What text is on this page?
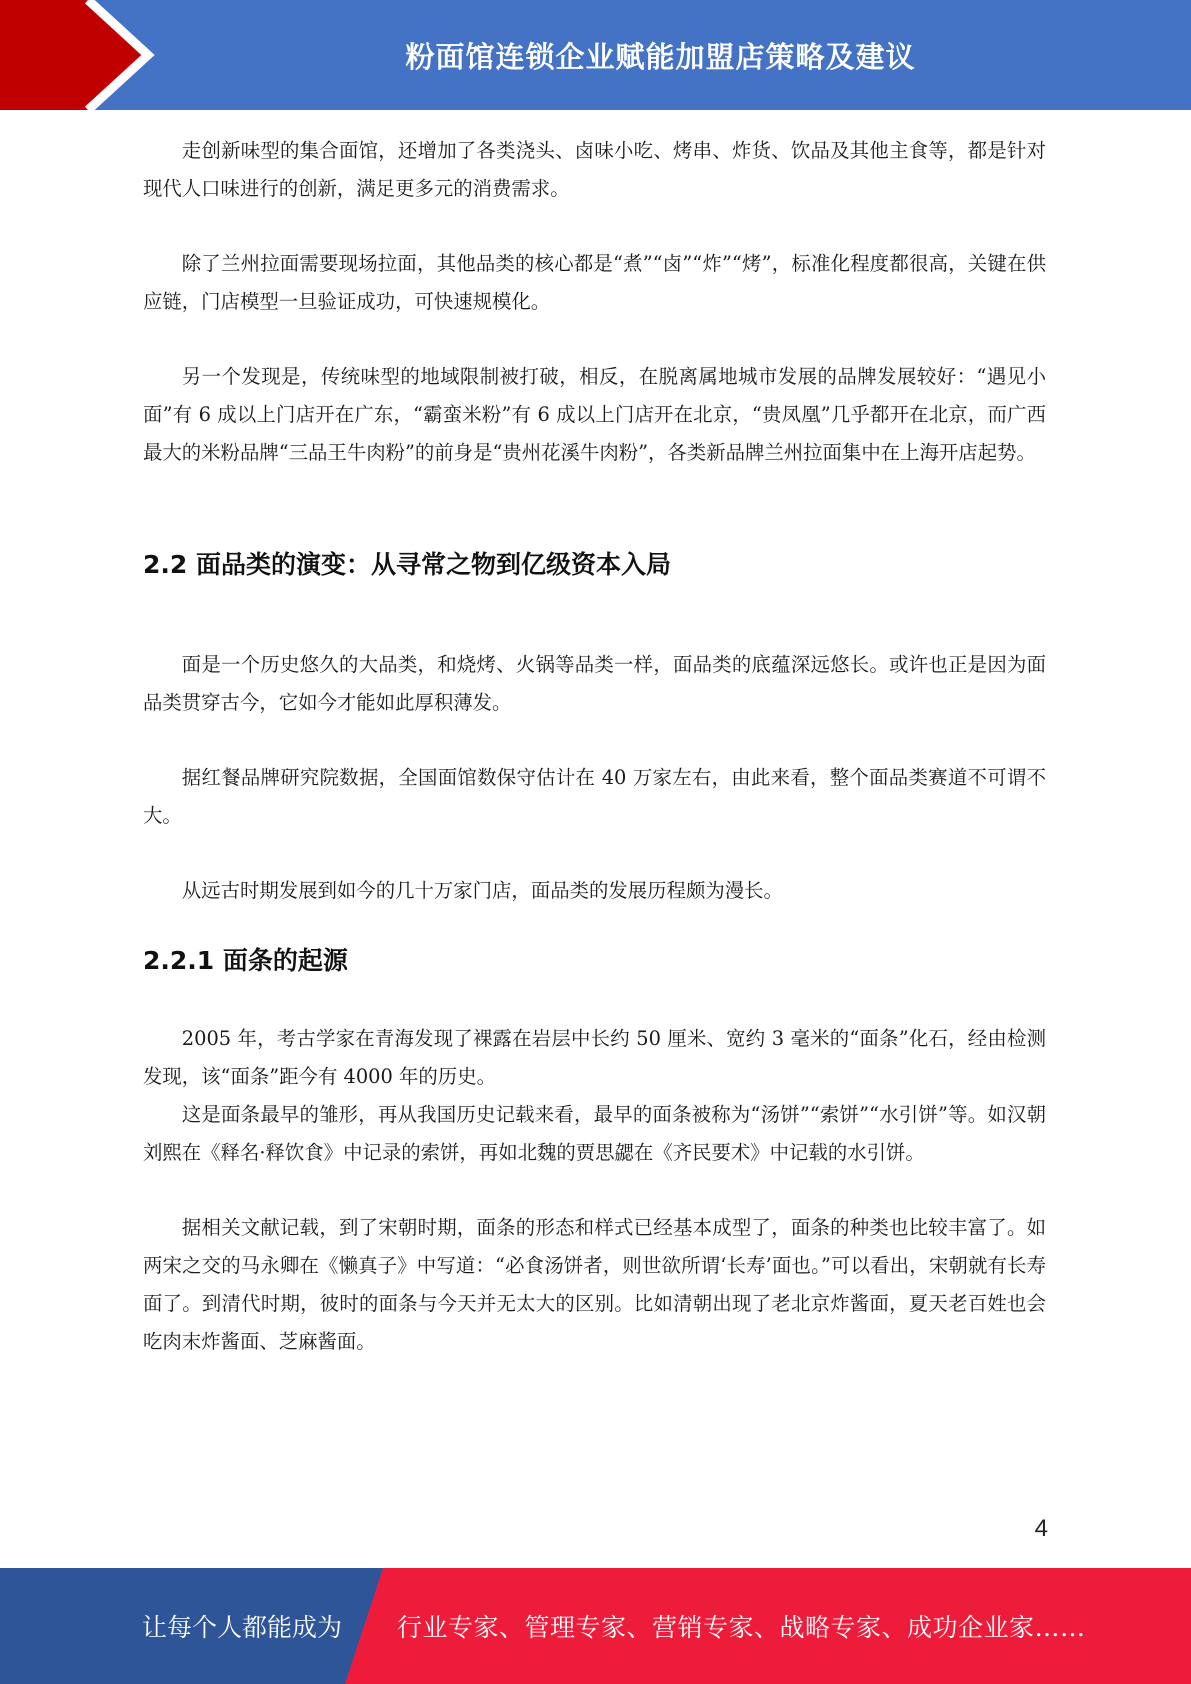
粉面馆连锁企业赋能加盟店策略及建议

走创新味型的集合面馆，还增加了各类浇头、卤味小吃、烤串、炸货、饮品及其他主食等，都是针对现代人口味进行的创新，满足更多元的消费需求。

除了兰州拉面需要现场拉面，其他品类的核心都是“煮”“卤”“炸”“烤”，标准化程度都很高，关键在供应链，门店模型一旦验证成功，可快速规模化。

另一个发现是，传统味型的地域限制被打破，相反，在脱离属地城市发展的品牌发展较好：“遇见小面”有 6 成以上门店开在广东，“霸蛮米粉”有 6 成以上门店开在北京，“贵凤凰”几乎都开在北京，而广西最大的米粉品牌“三品王牛肉粉”的前身是“贵州花溪牛肉粉”，各类新品牌兰州拉面集中在上海开店起势。

2.2 面品类的演变：从寻常之物到亿级资本入局

面是一个历史悠久的大品类，和烧烤、火锅等品类一样，面品类的底蕴深远悠长。或许也正是因为面品类贯穿古今，它如今才能如此厚积薄发。

据红餐品牌研究院数据，全国面馆数保守估计在 40 万家左右，由此来看，整个面品类赛道不可谓不大。

从远古时期发展到如今的几十万家门店，面品类的发展历程颇为漫长。

2.2.1 面条的起源

2005 年，考古学家在青海发现了裸露在岩层中长约 50 厘米、宽约 3 毫米的“面条”化石，经由检测发现，该“面条”距今有 4000 年的历史。

这是面条最早的雏形，再从我国历史记载来看，最早的面条被称为“汤饼”“索饼”“水引饼”等。如汉朝刘熙在《释名·释饮食》中记录的索饼，再如北魏的贾思勰在《齐民要术》中记载的水引饼。

据相关文献记载，到了宋朝时期，面条的形态和样式已经基本成型了，面条的种类也比较丰富了。如两宋之交的马永卿在《懒真子》中写道：“必食汤饼者，则世欲所谓‘长寿’面也。”可以看出，宋朝就有长寿面了。到清代时期，彼时的面条与今天并无太大的区别。比如清朝出现了老北京炸酱面，夏天老百姓也会吃肉末炸酱面、芝麻酱面。

4
让每个人都能成为	行业专家、管理专家、营销专家、战略专家、成功企业家……
